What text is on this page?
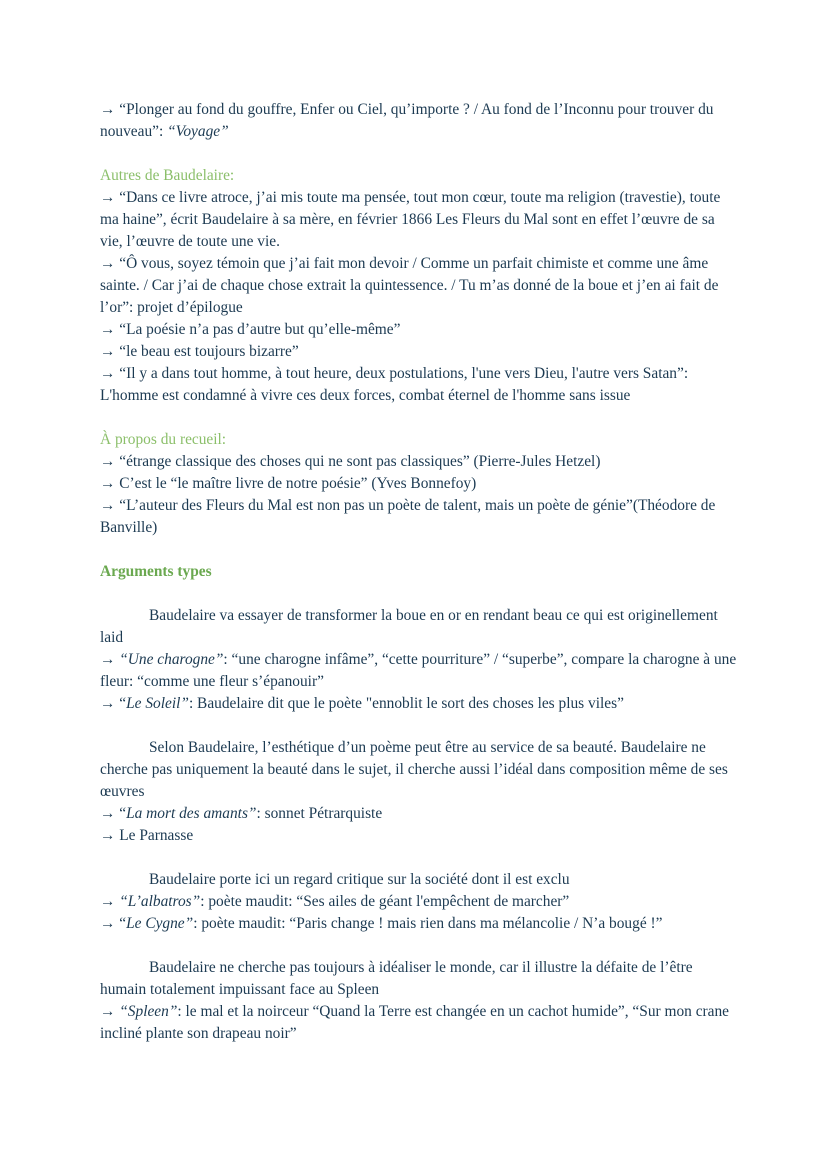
→ “Plonger au fond du gouffre, Enfer ou Ciel, qu’importe ? / Au fond de l’Inconnu pour trouver du nouveau”: “Voyage”

Autres de Baudelaire:

→ “Dans ce livre atroce, j’ai mis toute ma pensée, tout mon cœur, toute ma religion (travestie), toute ma haine”, écrit Baudelaire à sa mère, en février 1866 Les Fleurs du Mal sont en effet l’œuvre de sa vie, l’œuvre de toute une vie.

→ “Ô vous, soyez témoin que j’ai fait mon devoir / Comme un parfait chimiste et comme une âme sainte. / Car j’ai de chaque chose extrait la quintessence. / Tu m’as donné de la boue et j’en ai fait de l’or”: projet d’épilogue

→ “La poésie n’a pas d’autre but qu’elle-même”

→ “le beau est toujours bizarre”

→ “Il y a dans tout homme, à tout heure, deux postulations, l'une vers Dieu, l'autre vers Satan”: L'homme est condamné à vivre ces deux forces, combat éternel de l'homme sans issue

À propos du recueil:

→ “étrange classique des choses qui ne sont pas classiques” (Pierre-Jules Hetzel)

→ C’est le “le maître livre de notre poésie” (Yves Bonnefoy)

→ “L’auteur des Fleurs du Mal est non pas un poète de talent, mais un poète de génie”(Théodore de Banville)

Arguments types

Baudelaire va essayer de transformer la boue en or en rendant beau ce qui est originellement laid

→ “Une charogne”: “une charogne infâme”, “cette pourriture” / “superbe”, compare la charogne à une fleur: “comme une fleur s’épanouir”

→ “Le Soleil”: Baudelaire dit que le poète "ennoblit le sort des choses les plus viles”

Selon Baudelaire, l’esthétique d’un poème peut être au service de sa beauté. Baudelaire ne cherche pas uniquement la beauté dans le sujet, il cherche aussi l’idéal dans composition même de ses œuvres

→ “La mort des amants”: sonnet Pétrarquiste

→ Le Parnasse

Baudelaire porte ici un regard critique sur la société dont il est exclu

→ “L’albatros”: poète maudit: “Ses ailes de géant l'empêchent de marcher”

→ “Le Cygne”: poète maudit: “Paris change ! mais rien dans ma mélancolie / N’a bougé !”

Baudelaire ne cherche pas toujours à idéaliser le monde, car il illustre la défaite de l’être humain totalement impuissant face au Spleen

→ “Spleen”: le mal et la noirceur “Quand la Terre est changée en un cachot humide”, “Sur mon crane incliné plante son drapeau noir”
